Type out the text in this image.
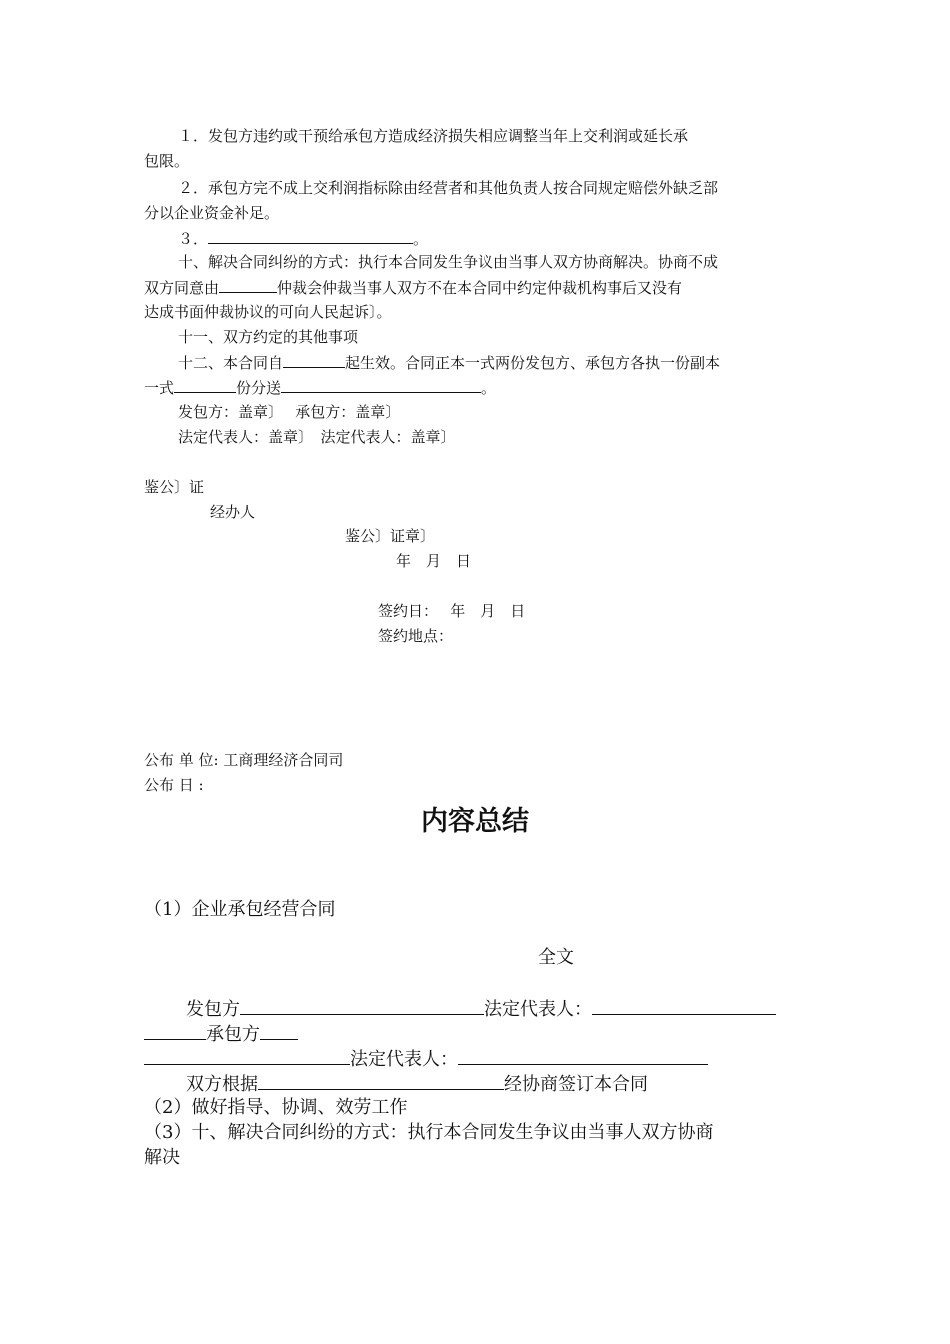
１．发包方违约或干预给承包方造成经济损失相应调整当年上交利润或延长承
包限。
２．承包方完不成上交利润指标除由经营者和其他负责人按合同规定赔偿外缺乏部
分以企业资金补足。
３．	。
十、解决合同纠纷的方式：执行本合同发生争议由当事人双方协商解决。协商不成
双方同意由	仲裁会仲裁当事人双方不在本合同中约定仲裁机构事后又没有
达成书面仲裁协议的可向人民起诉〕。
十一、双方约定的其他事项
十二、本合同自	起生效。合同正本一式两份发包方、承包方各执一份副本
一式	份分送	。
发包方：盖章〕　 承包方：盖章〕
法定代表人：盖章〕　法定代表人：盖章〕
鉴公〕证
经办人
鉴公〕证章〕
年　月　日
签约日：　 年　月　日
签约地点：
公布 单 位: 工商理经济合同司
公布 日 :
内容总结
（1）企业承包经营合同
全文
发包方	法定代表人：
承包方
法定代表人：
双方根据	经协商签订本合同
（2）做好指导、协调、效劳工作
（3）十、解决合同纠纷的方式：执行本合同发生争议由当事人双方协商
解决
